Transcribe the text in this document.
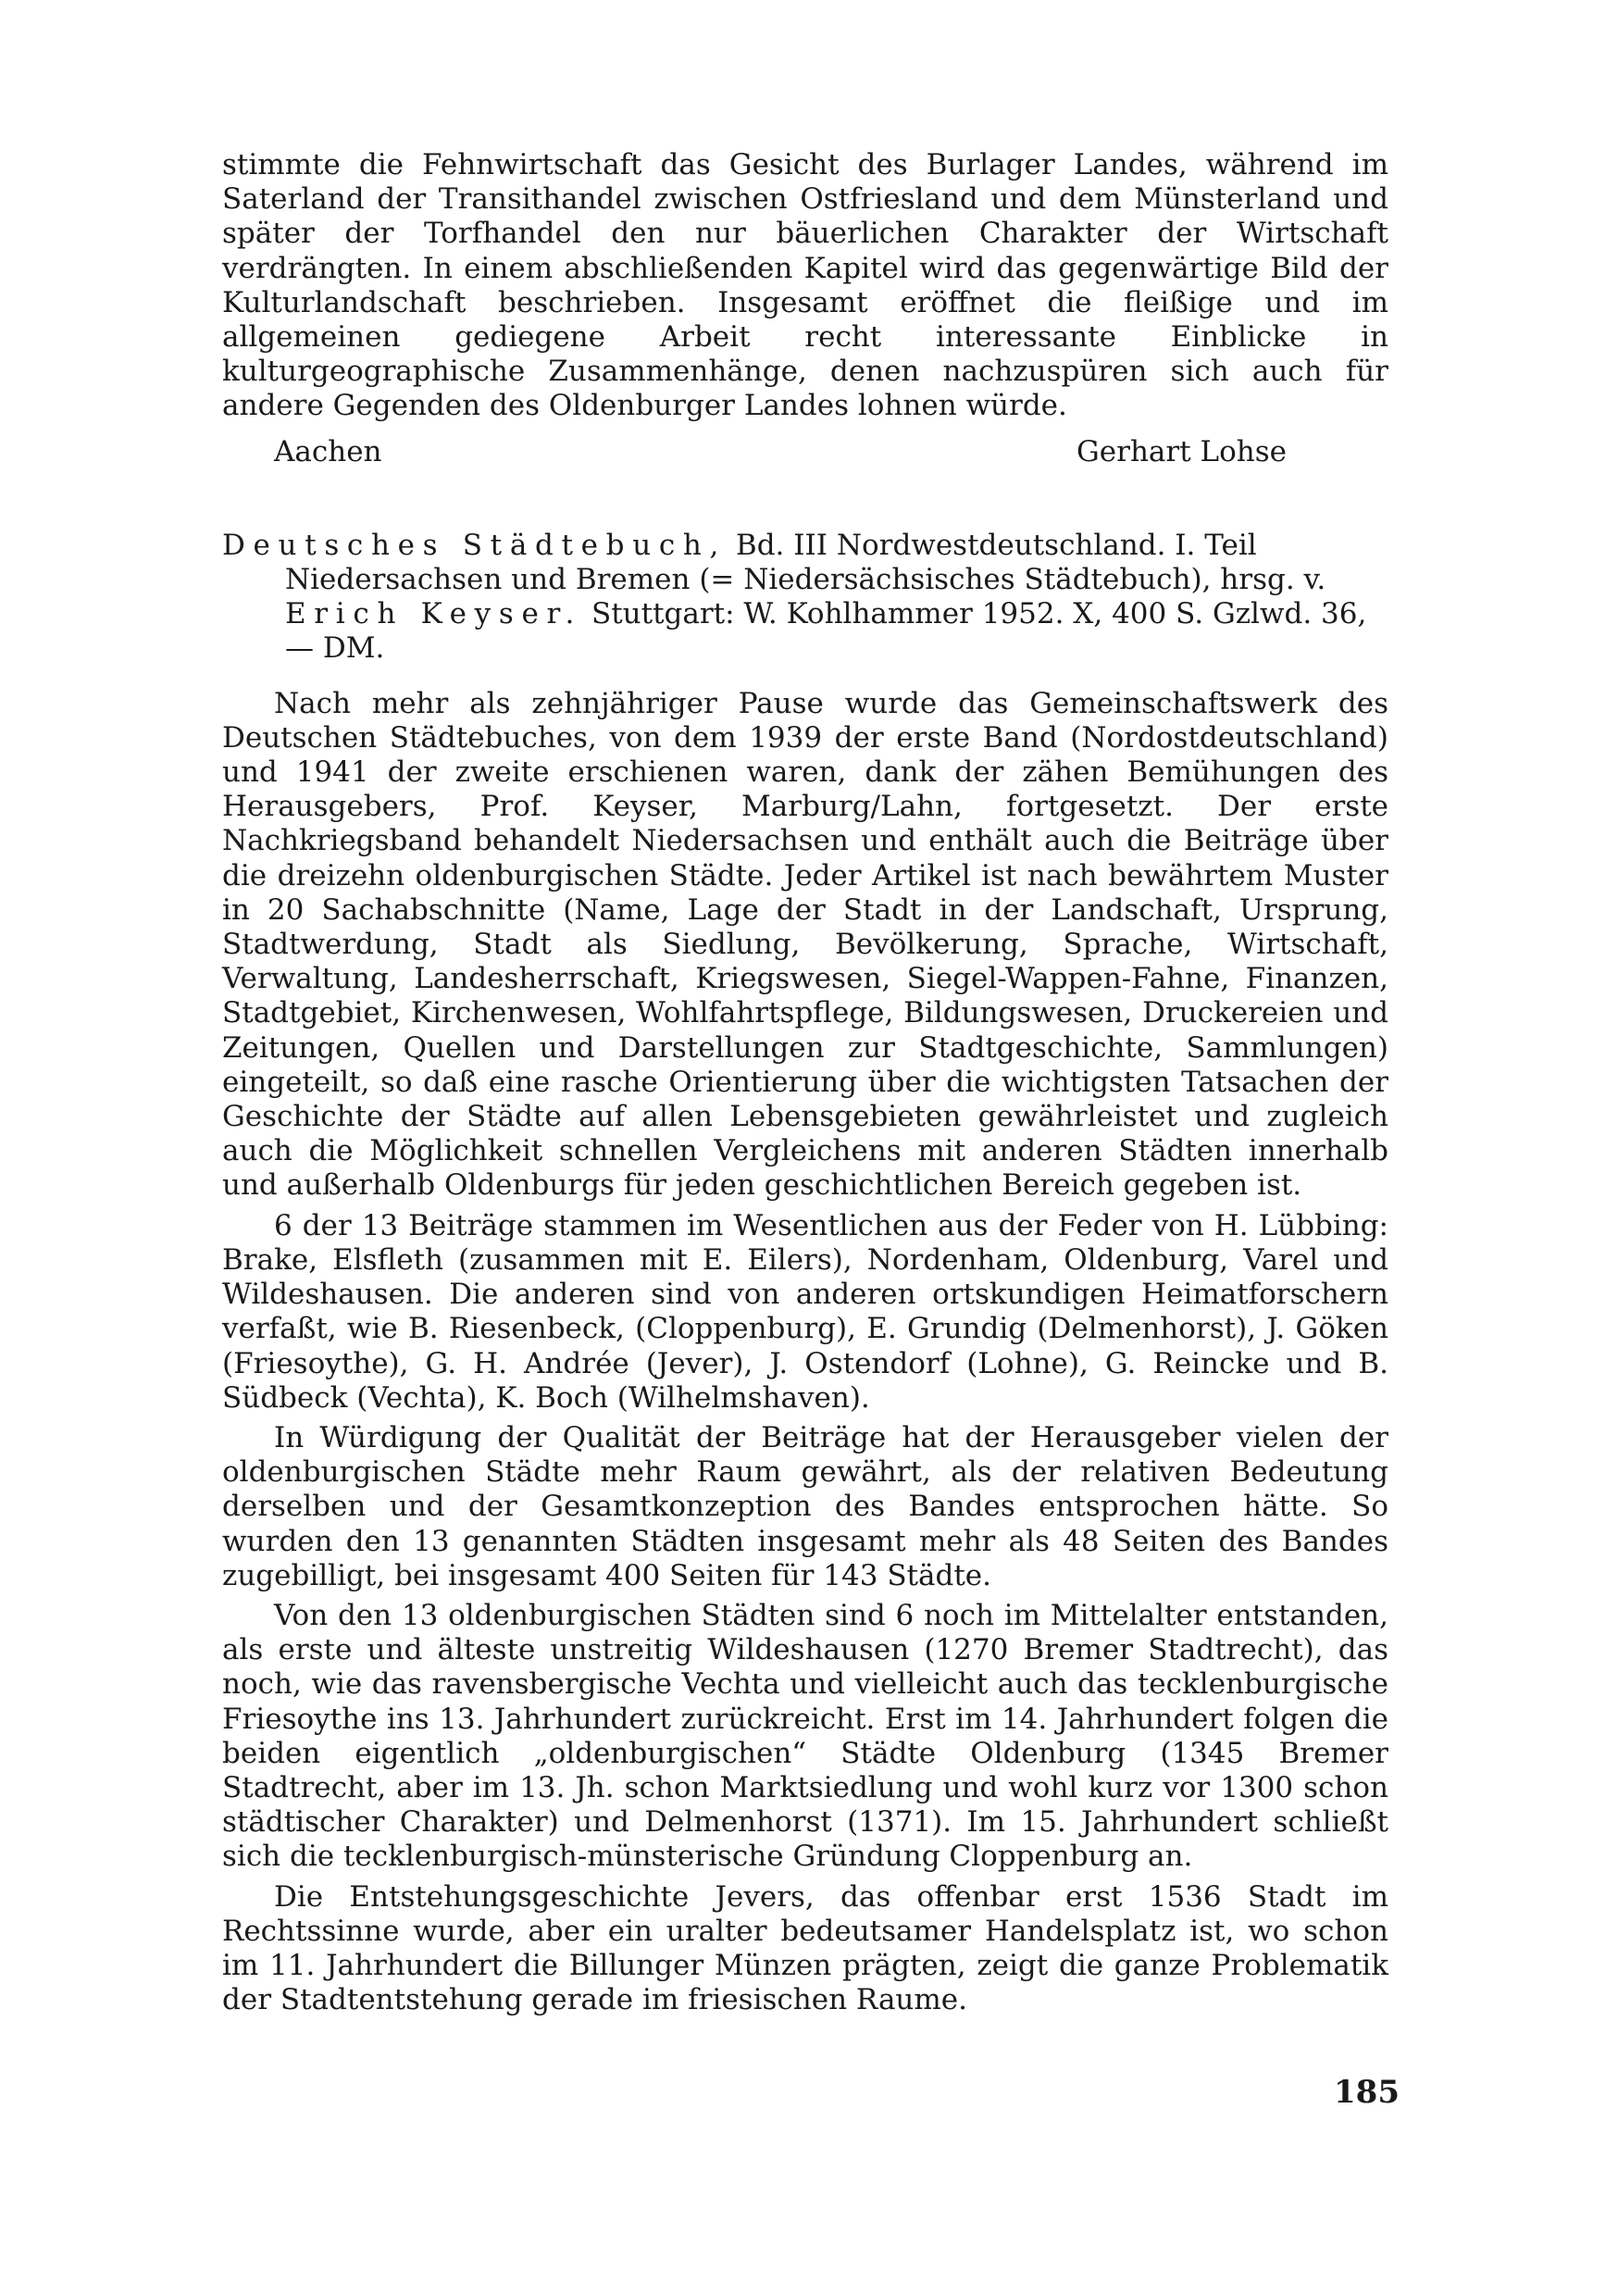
stimmte die Fehnwirtschaft das Gesicht des Burlager Landes, während im Saterland der Transithandel zwischen Ostfriesland und dem Münsterland und später der Torfhandel den nur bäuerlichen Charakter der Wirtschaft verdrängten. In einem abschließenden Kapitel wird das gegenwärtige Bild der Kulturlandschaft beschrieben. Insgesamt eröffnet die fleißige und im allgemeinen gediegene Arbeit recht interessante Einblicke in kulturgeographische Zusammenhänge, denen nachzuspüren sich auch für andere Gegenden des Oldenburger Landes lohnen würde.

Aachen	Gerhart Lohse

Deutsches Städtebuch, Bd. III Nordwestdeutschland. I. Teil Niedersachsen und Bremen (= Niedersächsisches Städtebuch), hrsg. v. Erich Keyser. Stuttgart: W. Kohlhammer 1952. X, 400 S. Gzlwd. 36,— DM.

Nach mehr als zehnjähriger Pause wurde das Gemeinschaftswerk des Deutschen Städtebuches, von dem 1939 der erste Band (Nordostdeutschland) und 1941 der zweite erschienen waren, dank der zähen Bemühungen des Herausgebers, Prof. Keyser, Marburg/Lahn, fortgesetzt. Der erste Nachkriegsband behandelt Niedersachsen und enthält auch die Beiträge über die dreizehn oldenburgischen Städte. Jeder Artikel ist nach bewährtem Muster in 20 Sachabschnitte (Name, Lage der Stadt in der Landschaft, Ursprung, Stadtwerdung, Stadt als Siedlung, Bevölkerung, Sprache, Wirtschaft, Verwaltung, Landesherrschaft, Kriegswesen, Siegel-Wappen-Fahne, Finanzen, Stadtgebiet, Kirchenwesen, Wohlfahrtspflege, Bildungswesen, Druckereien und Zeitungen, Quellen und Darstellungen zur Stadtgeschichte, Sammlungen) eingeteilt, so daß eine rasche Orientierung über die wichtigsten Tatsachen der Geschichte der Städte auf allen Lebensgebieten gewährleistet und zugleich auch die Möglichkeit schnellen Vergleichens mit anderen Städten innerhalb und außerhalb Oldenburgs für jeden geschichtlichen Bereich gegeben ist.

6 der 13 Beiträge stammen im Wesentlichen aus der Feder von H. Lübbing: Brake, Elsfleth (zusammen mit E. Eilers), Nordenham, Oldenburg, Varel und Wildeshausen. Die anderen sind von anderen ortskundigen Heimatforschern verfaßt, wie B. Riesenbeck, (Cloppenburg), E. Grundig (Delmenhorst), J. Göken (Friesoythe), G. H. Andrée (Jever), J. Ostendorf (Lohne), G. Reincke und B. Südbeck (Vechta), K. Boch (Wilhelmshaven).

In Würdigung der Qualität der Beiträge hat der Herausgeber vielen der oldenburgischen Städte mehr Raum gewährt, als der relativen Bedeutung derselben und der Gesamtkonzeption des Bandes entsprochen hätte. So wurden den 13 genannten Städten insgesamt mehr als 48 Seiten des Bandes zugebilligt, bei insgesamt 400 Seiten für 143 Städte.

Von den 13 oldenburgischen Städten sind 6 noch im Mittelalter entstanden, als erste und älteste unstreitig Wildeshausen (1270 Bremer Stadtrecht), das noch, wie das ravensbergische Vechta und vielleicht auch das tecklenburgische Friesoythe ins 13. Jahrhundert zurückreicht. Erst im 14. Jahrhundert folgen die beiden eigentlich „oldenburgischen“ Städte Oldenburg (1345 Bremer Stadtrecht, aber im 13. Jh. schon Marktsiedlung und wohl kurz vor 1300 schon städtischer Charakter) und Delmenhorst (1371). Im 15. Jahrhundert schließt sich die tecklenburgisch-münsterische Gründung Cloppenburg an.

Die Entstehungsgeschichte Jevers, das offenbar erst 1536 Stadt im Rechtssinne wurde, aber ein uralter bedeutsamer Handelsplatz ist, wo schon im 11. Jahrhundert die Billunger Münzen prägten, zeigt die ganze Problematik der Stadtentstehung gerade im friesischen Raume.

185
